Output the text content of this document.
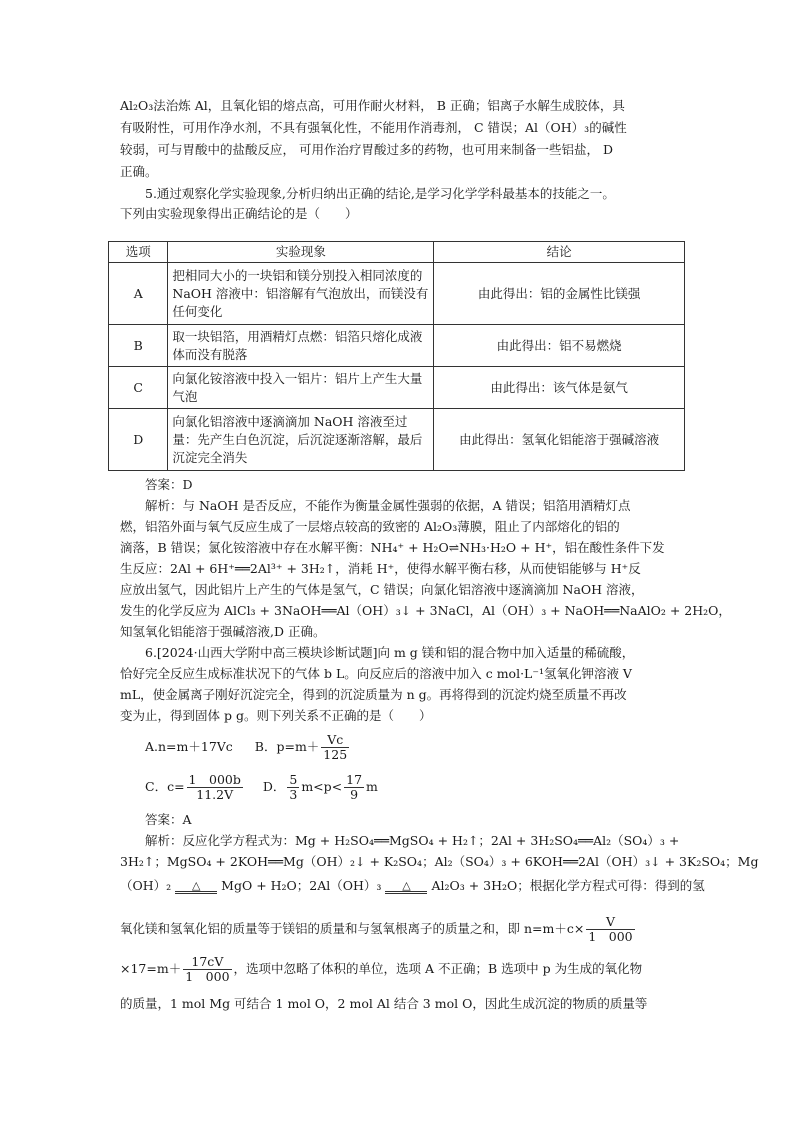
Al₂O₃法治炼 Al，且氧化铝的熔点高，可用作耐火材料， B 正确；铝离子水解生成胶体，具
有吸附性，可用作净水剂，不具有强氧化性，不能用作消毒剂， C 错误；Al（OH）₃的碱性
较弱，可与胃酸中的盐酸反应， 可用作治疗胃酸过多的药物，也可用来制备一些铝盐， D
正确。
5.通过观察化学实验现象,分析归纳出正确的结论,是学习化学学科最基本的技能之一。
下列由实验现象得出正确结论的是（　　）
选项	实验现象	结论
A	把相同大小的一块铝和镁分别投入相同浓度的 NaOH 溶液中：铝溶解有气泡放出，而镁没有任何变化	由此得出：铝的金属性比镁强
B	取一块铝箔，用酒精灯点燃：铝箔只熔化成液体而没有脱落	由此得出：铝不易燃烧
C	向氯化铵溶液中投入一铝片：铝片上产生大量气泡	由此得出：该气体是氨气
D	向氯化铝溶液中逐滴滴加 NaOH 溶液至过量：先产生白色沉淀，后沉淀逐渐溶解，最后沉淀完全消失	由此得出：氢氧化铝能溶于强碱溶液
答案：D
解析：与 NaOH 是否反应，不能作为衡量金属性强弱的依据，A 错误；铝箔用酒精灯点
燃，铝箔外面与氧气反应生成了一层熔点较高的致密的 Al₂O₃薄膜，阻止了内部熔化的铝的
滴落，B 错误；氯化铵溶液中存在水解平衡：NH₄⁺ + H₂O⇌NH₃·H₂O + H⁺，铝在酸性条件下发
生反应：2Al + 6H⁺══2Al³⁺ + 3H₂↑，消耗 H⁺，使得水解平衡右移，从而使铝能够与 H⁺反
应放出氢气，因此铝片上产生的气体是氢气，C 错误；向氯化铝溶液中逐滴滴加 NaOH 溶液，
发生的化学反应为 AlCl₃ + 3NaOH══Al（OH）₃↓ + 3NaCl，Al（OH）₃ + NaOH══NaAlO₂ + 2H₂O，
知氢氧化铝能溶于强碱溶液,D 正确。
6.[2024·山西大学附中高三模块诊断试题]向 m g 镁和铝的混合物中加入适量的稀硫酸，
恰好完全反应生成标准状况下的气体 b L。向反应后的溶液中加入 c mol·L⁻¹氢氧化钾溶液 V
mL，使金属离子刚好沉淀完全，得到的沉淀质量为 n g。再将得到的沉淀灼烧至质量不再改
变为止，得到固体 p g。则下列关系不正确的是（　　）
A.n=m＋17Vc B．$p=m+ \frac{Vc}{125}$
C．$c= \frac{1 000b}{11.2V}$ D． $\frac{5}{3} m<p< \frac{17}{9}$ m
答案：A
解析：反应化学方程式为：Mg + H₂SO₄══MgSO₄ + H₂↑；2Al + 3H₂SO₄══Al₂（SO₄）₃ +
3H₂↑；MgSO₄ + 2KOH══Mg（OH）₂↓ + K₂SO₄；Al₂（SO₄）₃ + 6KOH══2Al（OH）₃↓ + 3K₂SO₄；Mg
（OH）₂	△	MgO + H₂O；2Al（OH）₃	△	Al₂O₃ + 3H₂O；根据化学方程式可得：得到的氢
氧化镁和氢氧化铝的质量等于镁铝的质量和与氢氧根离子的质量之和，即 $n=m+c\times \frac{V}{1 000}$
$\times 17=m+ \frac{17cV}{1 000}$ ，选项中忽略了体积的单位，选项 A 不正确；B 选项中 p 为生成的氧化物
的质量，1 mol Mg 可结合 1 mol O，2 mol Al 结合 3 mol O，因此生成沉淀的物质的质量等
